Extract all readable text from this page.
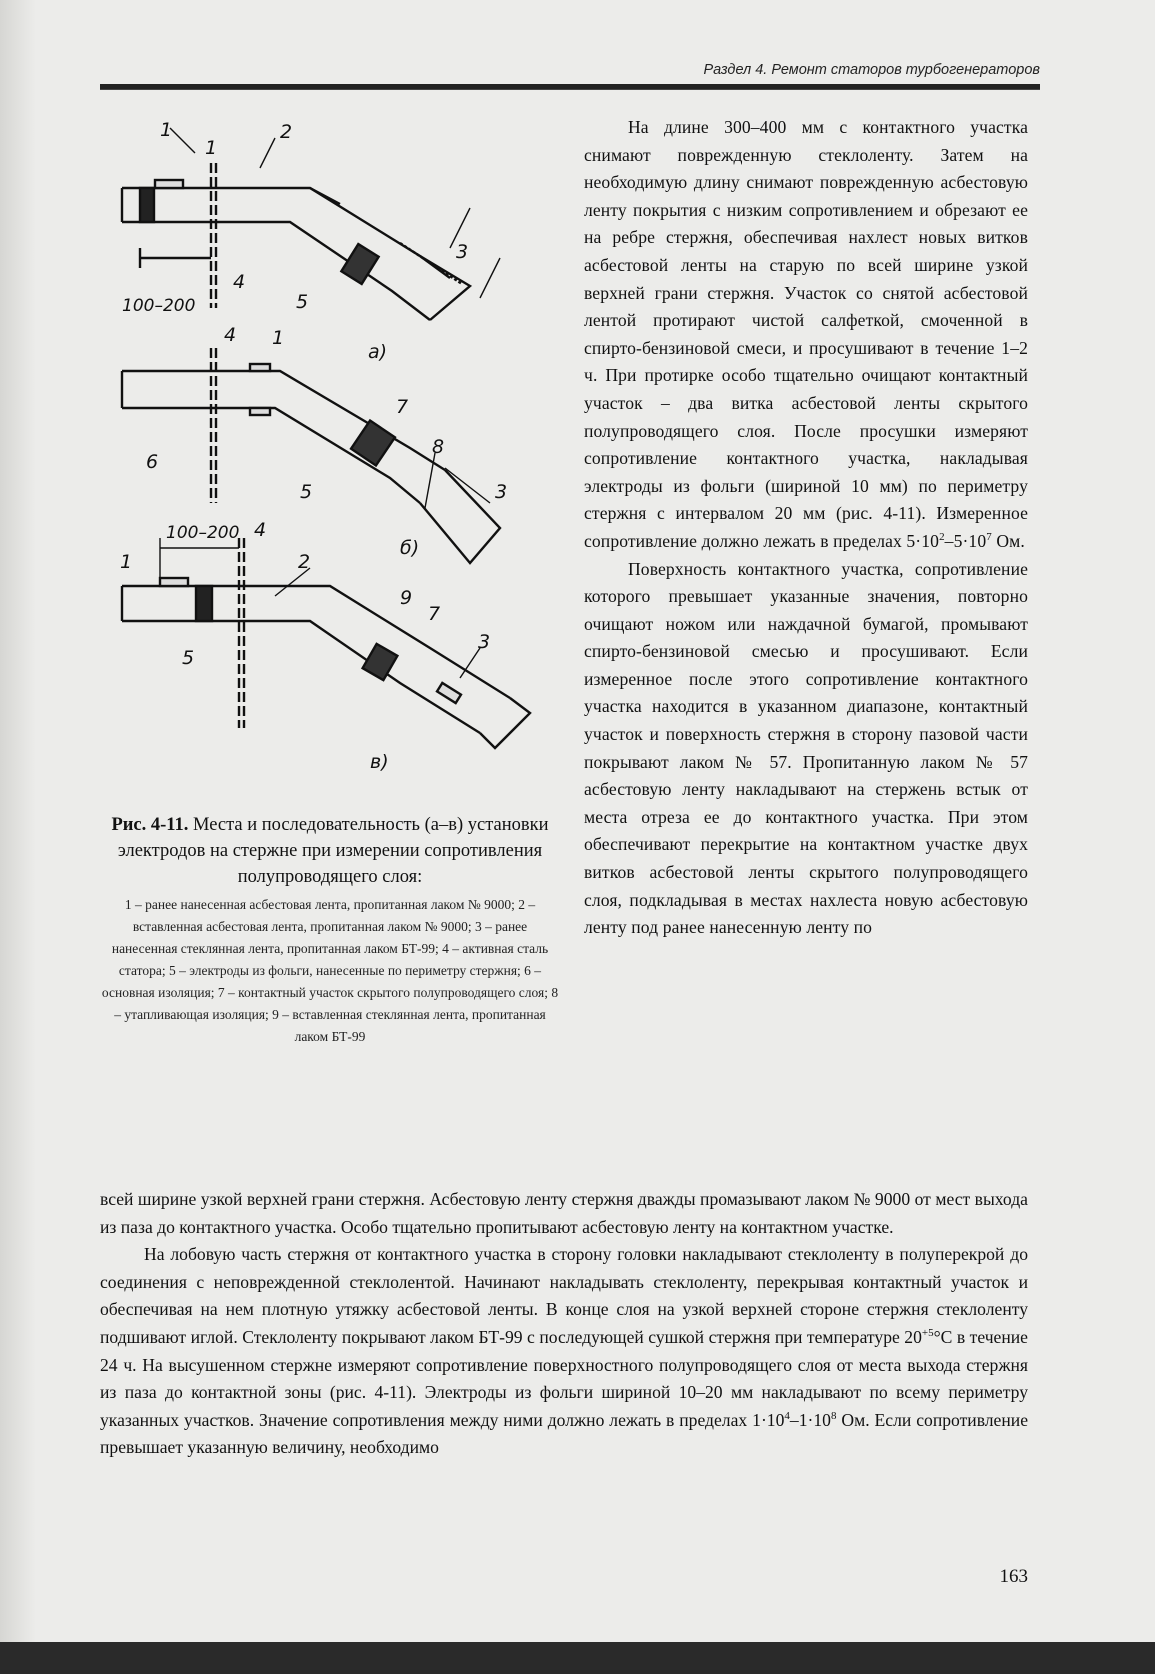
Раздел 4. Ремонт статоров турбогенераторов
1
1
2
4
5
3
100–200
а)
1
4
6
7
8
5	3
б)
100–200
1
4
2
9
7
5
3
в)

Рис. 4-11. Места и последовательность (а–в) установки электродов на стержне при измерении сопротивления полупроводящего слоя:

1 – ранее нанесенная асбестовая лента, пропитанная лаком № 9000; 2 – вставленная асбестовая лента, пропитанная лаком № 9000; 3 – ранее нанесенная стеклянная лента, пропитанная лаком БТ-99; 4 – активная сталь статора; 5 – электроды из фольги, нанесенные по периметру стержня; 6 – основная изоляция; 7 – контактный участок скрытого полупроводящего слоя; 8 – утапливающая изоляция; 9 – вставленная стеклянная лента, пропитанная лаком БТ-99

На длине 300–400 мм с контактного участка снимают поврежденную стеклоленту. Затем на необходимую длину снимают поврежденную асбестовую ленту покрытия с низким сопротивлением и обрезают ее на ребре стержня, обеспечивая нахлест новых витков асбестовой ленты на старую по всей ширине узкой верхней грани стержня. Участок со снятой асбестовой лентой протирают чистой салфеткой, смоченной в спирто-бензиновой смеси, и просушивают в течение 1–2 ч. При протирке особо тщательно очищают контактный участок – два витка асбестовой ленты скрытого полупроводящего слоя. После просушки измеряют сопротивление контактного участка, накладывая электроды из фольги (шириной 10 мм) по периметру стержня с интервалом 20 мм (рис. 4-11). Измеренное сопротивление должно лежать в пределах $5\cdot 10^2-5\cdot 10^7$ Ом.

Поверхность контактного участка, сопротивление которого превышает указанные значения, повторно очищают ножом или наждачной бумагой, промывают спирто-бензиновой смесью и просушивают. Если измеренное после этого сопротивление контактного участка находится в указанном диапазоне, контактный участок и поверхность стержня в сторону пазовой части покрывают лаком № 57. Пропитанную лаком № 57 асбестовую ленту накладывают на стержень встык от места отреза ее до контактного участка. При этом обеспечивают перекрытие на контактном участке двух витков асбестовой ленты скрытого полупроводящего слоя, подкладывая в местах нахлеста новую асбестовую ленту под ранее нанесенную ленту по

всей ширине узкой верхней грани стержня. Асбестовую ленту стержня дважды промазывают лаком № 9000 от мест выхода из паза до контактного участка. Особо тщательно пропитывают асбестовую ленту на контактном участке.

На лобовую часть стержня от контактного участка в сторону головки накладывают стеклоленту в полуперекрой до соединения с неповрежденной стеклолентой. Начинают накладывать стеклоленту, перекрывая контактный участок и обеспечивая на нем плотную утяжку асбестовой ленты. В конце слоя на узкой верхней стороне стержня стеклоленту подшивают иглой. Стеклоленту покрывают лаком БТ-99 с последующей сушкой стержня при температуре $20^{+5}^\circ С$ в течение 24 ч. На высушенном стержне измеряют сопротивление поверхностного полупроводящего слоя от места выхода стержня из паза до контактной зоны (рис. 4-11). Электроды из фольги шириной 10–20 мм накладывают по всему периметру указанных участков. Значение сопротивления между ними должно лежать в пределах $1\cdot 10^4-1\cdot 10^8$ Ом. Если сопротивление превышает указанную величину, необходимо

163
